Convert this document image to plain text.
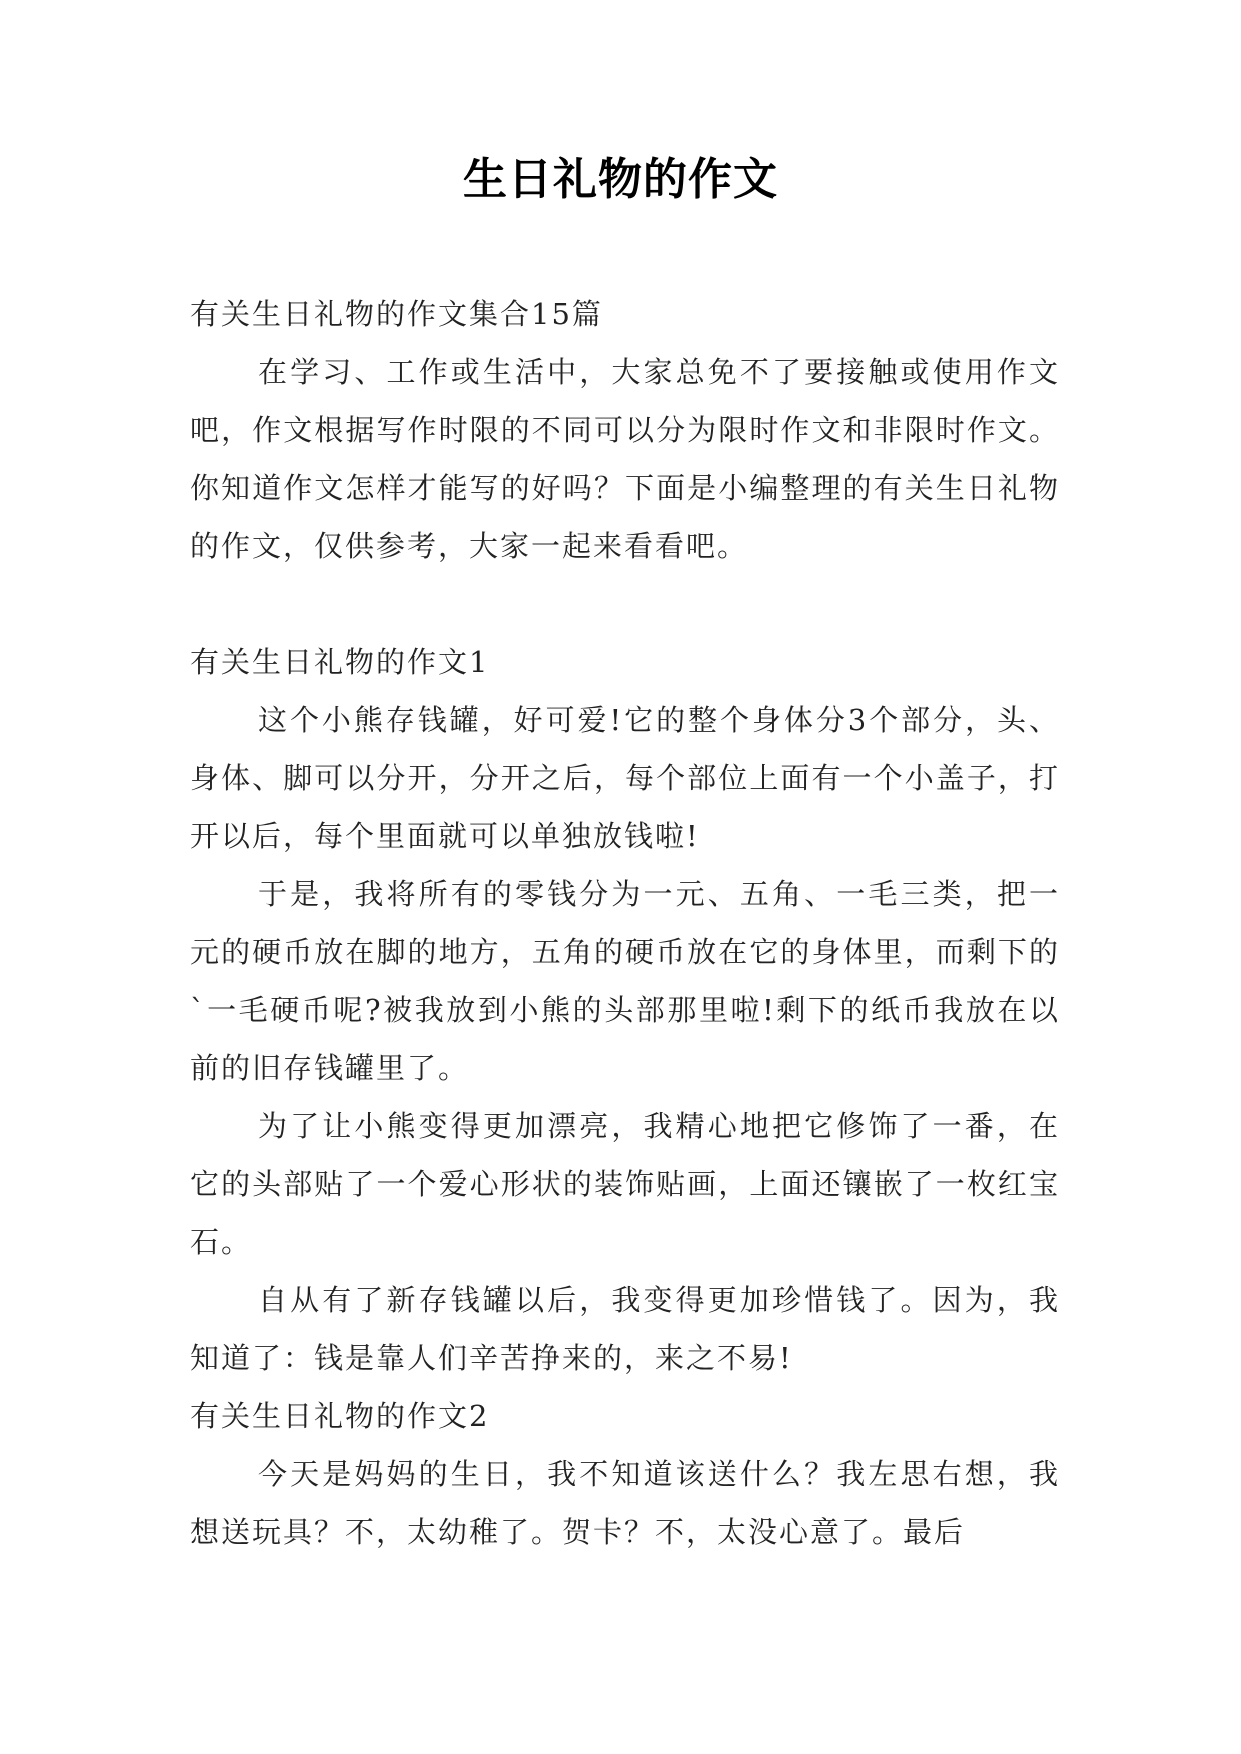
生日礼物的作文

有关生日礼物的作文集合15篇

在学习、工作或生活中，大家总免不了要接触或使用作文吧，作文根据写作时限的不同可以分为限时作文和非限时作文。你知道作文怎样才能写的好吗？下面是小编整理的有关生日礼物的作文，仅供参考，大家一起来看看吧。

有关生日礼物的作文1

这个小熊存钱罐，好可爱!它的整个身体分3个部分，头、身体、脚可以分开，分开之后，每个部位上面有一个小盖子，打开以后，每个里面就可以单独放钱啦!

于是，我将所有的零钱分为一元、五角、一毛三类，把一元的硬币放在脚的地方，五角的硬币放在它的身体里，而剩下的`一毛硬币呢?被我放到小熊的头部那里啦!剩下的纸币我放在以前的旧存钱罐里了。

为了让小熊变得更加漂亮，我精心地把它修饰了一番，在它的头部贴了一个爱心形状的装饰贴画，上面还镶嵌了一枚红宝石。

自从有了新存钱罐以后，我变得更加珍惜钱了。因为，我知道了：钱是靠人们辛苦挣来的，来之不易!

有关生日礼物的作文2

今天是妈妈的生日，我不知道该送什么？我左思右想，我想送玩具？不，太幼稚了。贺卡？不，太没心意了。最后
